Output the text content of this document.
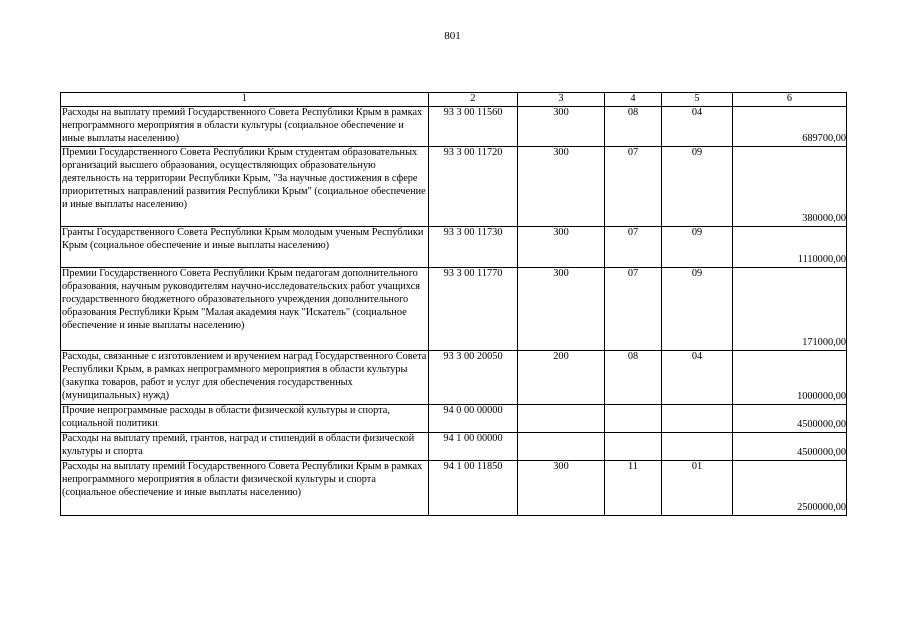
801
1	2	3	4	5	6
Расходы на выплату премий Государственного Совета Республики Крым в рамках непрограммного мероприятия в области культуры (социальное обеспечение и иные выплаты населению)	93 3 00 11560	300	08	04	689700,00
Премии Государственного Совета Республики Крым студентам образовательных организаций высшего образования, осуществляющих образовательную деятельность на территории Республики Крым, "За научные достижения в сфере приоритетных направлений развития Республики Крым" (социальное обеспечение и иные выплаты населению)	93 3 00 11720	300	07	09	380000,00
Гранты Государственного Совета Республики Крым молодым ученым Республики Крым (социальное обеспечение и иные выплаты населению)	93 3 00 11730	300	07	09	1110000,00
Премии Государственного Совета Республики Крым педагогам дополнительного образования, научным руководителям научно-исследовательских работ учащихся государственного бюджетного образовательного учреждения дополнительного образования Республики Крым "Малая академия наук "Искатель" (социальное обеспечение и иные выплаты населению)	93 3 00 11770	300	07	09	171000,00
Расходы, связанные с изготовлением и вручением наград Государственного Совета Республики Крым, в рамках непрограммного мероприятия в области культуры (закупка товаров, работ и услуг для обеспечения государственных (муниципальных) нужд)	93 3 00 20050	200	08	04	1000000,00
Прочие непрограммные расходы в области физической культуры и спорта, социальной политики	94 0 00 00000				4500000,00
Расходы на выплату премий, грантов, наград и стипендий в области физической культуры и спорта	94 1 00 00000				4500000,00
Расходы на выплату премий Государственного Совета Республики Крым в рамках непрограммного мероприятия в области физической культуры и спорта (социальное обеспечение и иные выплаты населению)	94 1 00 11850	300	11	01	2500000,00
